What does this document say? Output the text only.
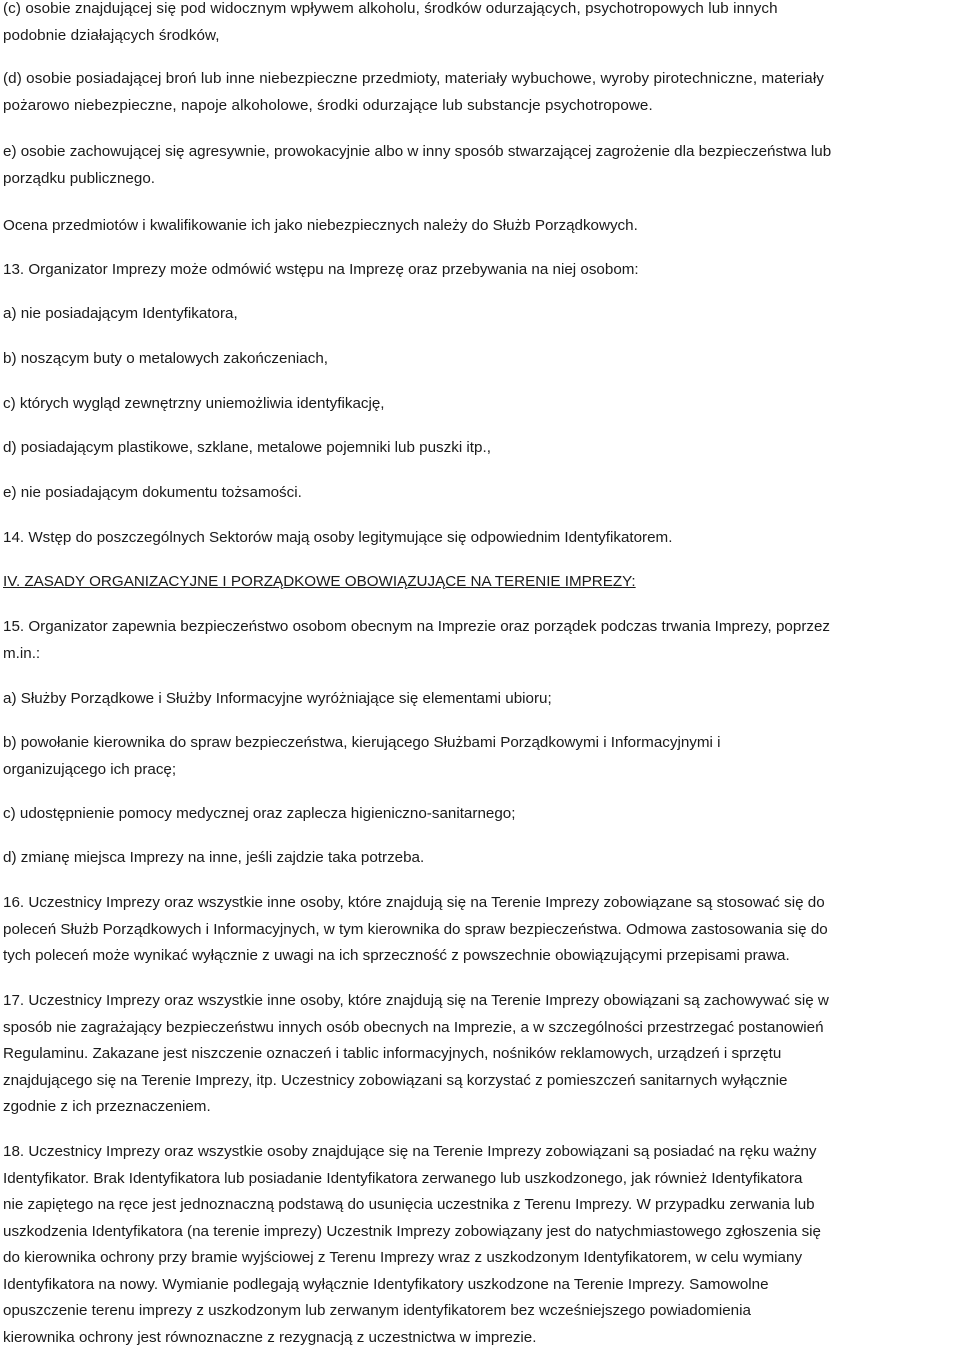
(c) osobie znajdującej się pod widocznym wpływem alkoholu, środków odurzających, psychotropowych lub innych
podobnie działających środków,

(d) osobie posiadającej broń lub inne niebezpieczne przedmioty, materiały wybuchowe, wyroby pirotechniczne, materiały
pożarowo niebezpieczne, napoje alkoholowe, środki odurzające lub substancje psychotropowe.

e) osobie zachowującej się agresywnie, prowokacyjnie albo w inny sposób stwarzającej zagrożenie dla bezpieczeństwa lub
porządku publicznego.

Ocena przedmiotów i kwalifikowanie ich jako niebezpiecznych należy do Służb Porządkowych.

13. Organizator Imprezy może odmówić wstępu na Imprezę oraz przebywania na niej osobom:

a) nie posiadającym Identyfikatora,

b) noszącym buty o metalowych zakończeniach,

c) których wygląd zewnętrzny uniemożliwia identyfikację,

d) posiadającym plastikowe, szklane, metalowe pojemniki lub puszki itp.,

e) nie posiadającym dokumentu tożsamości.

14. Wstęp do poszczególnych Sektorów mają osoby legitymujące się odpowiednim Identyfikatorem.

IV. ZASADY ORGANIZACYJNE I PORZĄDKOWE OBOWIĄZUJĄCE NA TERENIE IMPREZY:

15. Organizator zapewnia bezpieczeństwo osobom obecnym na Imprezie oraz porządek podczas trwania Imprezy, poprzez
m.in.:

a) Służby Porządkowe i Służby Informacyjne wyróżniające się elementami ubioru;

b) powołanie kierownika do spraw bezpieczeństwa, kierującego Służbami Porządkowymi i Informacyjnymi i
organizującego ich pracę;

c) udostępnienie pomocy medycznej oraz zaplecza higieniczno-sanitarnego;

d) zmianę miejsca Imprezy na inne, jeśli zajdzie taka potrzeba.

16. Uczestnicy Imprezy oraz wszystkie inne osoby, które znajdują się na Terenie Imprezy zobowiązane są stosować się do
poleceń Służb Porządkowych i Informacyjnych, w tym kierownika do spraw bezpieczeństwa. Odmowa zastosowania się do
tych poleceń może wynikać wyłącznie z uwagi na ich sprzeczność z powszechnie obowiązującymi przepisami prawa.

17. Uczestnicy Imprezy oraz wszystkie inne osoby, które znajdują się na Terenie Imprezy obowiązani są zachowywać się w
sposób nie zagrażający bezpieczeństwu innych osób obecnych na Imprezie, a w szczególności przestrzegać postanowień
Regulaminu. Zakazane jest niszczenie oznaczeń i tablic informacyjnych, nośników reklamowych, urządzeń i sprzętu
znajdującego się na Terenie Imprezy, itp. Uczestnicy zobowiązani są korzystać z pomieszczeń sanitarnych wyłącznie
zgodnie z ich przeznaczeniem.

18. Uczestnicy Imprezy oraz wszystkie osoby znajdujące się na Terenie Imprezy zobowiązani są posiadać na ręku ważny
Identyfikator. Brak Identyfikatora lub posiadanie Identyfikatora zerwanego lub uszkodzonego, jak również Identyfikatora
nie zapiętego na ręce jest jednoznaczną podstawą do usunięcia uczestnika z Terenu Imprezy. W przypadku zerwania lub
uszkodzenia Identyfikatora (na terenie imprezy) Uczestnik Imprezy zobowiązany jest do natychmiastowego zgłoszenia się
do kierownika ochrony przy bramie wyjściowej z Terenu Imprezy wraz z uszkodzonym Identyfikatorem, w celu wymiany
Identyfikatora na nowy. Wymianie podlegają wyłącznie Identyfikatory uszkodzone na Terenie Imprezy. Samowolne
opuszczenie terenu imprezy z uszkodzonym lub zerwanym identyfikatorem bez wcześniejszego powiadomienia
kierownika ochrony jest równoznaczne z rezygnacją z uczestnictwa w imprezie.
